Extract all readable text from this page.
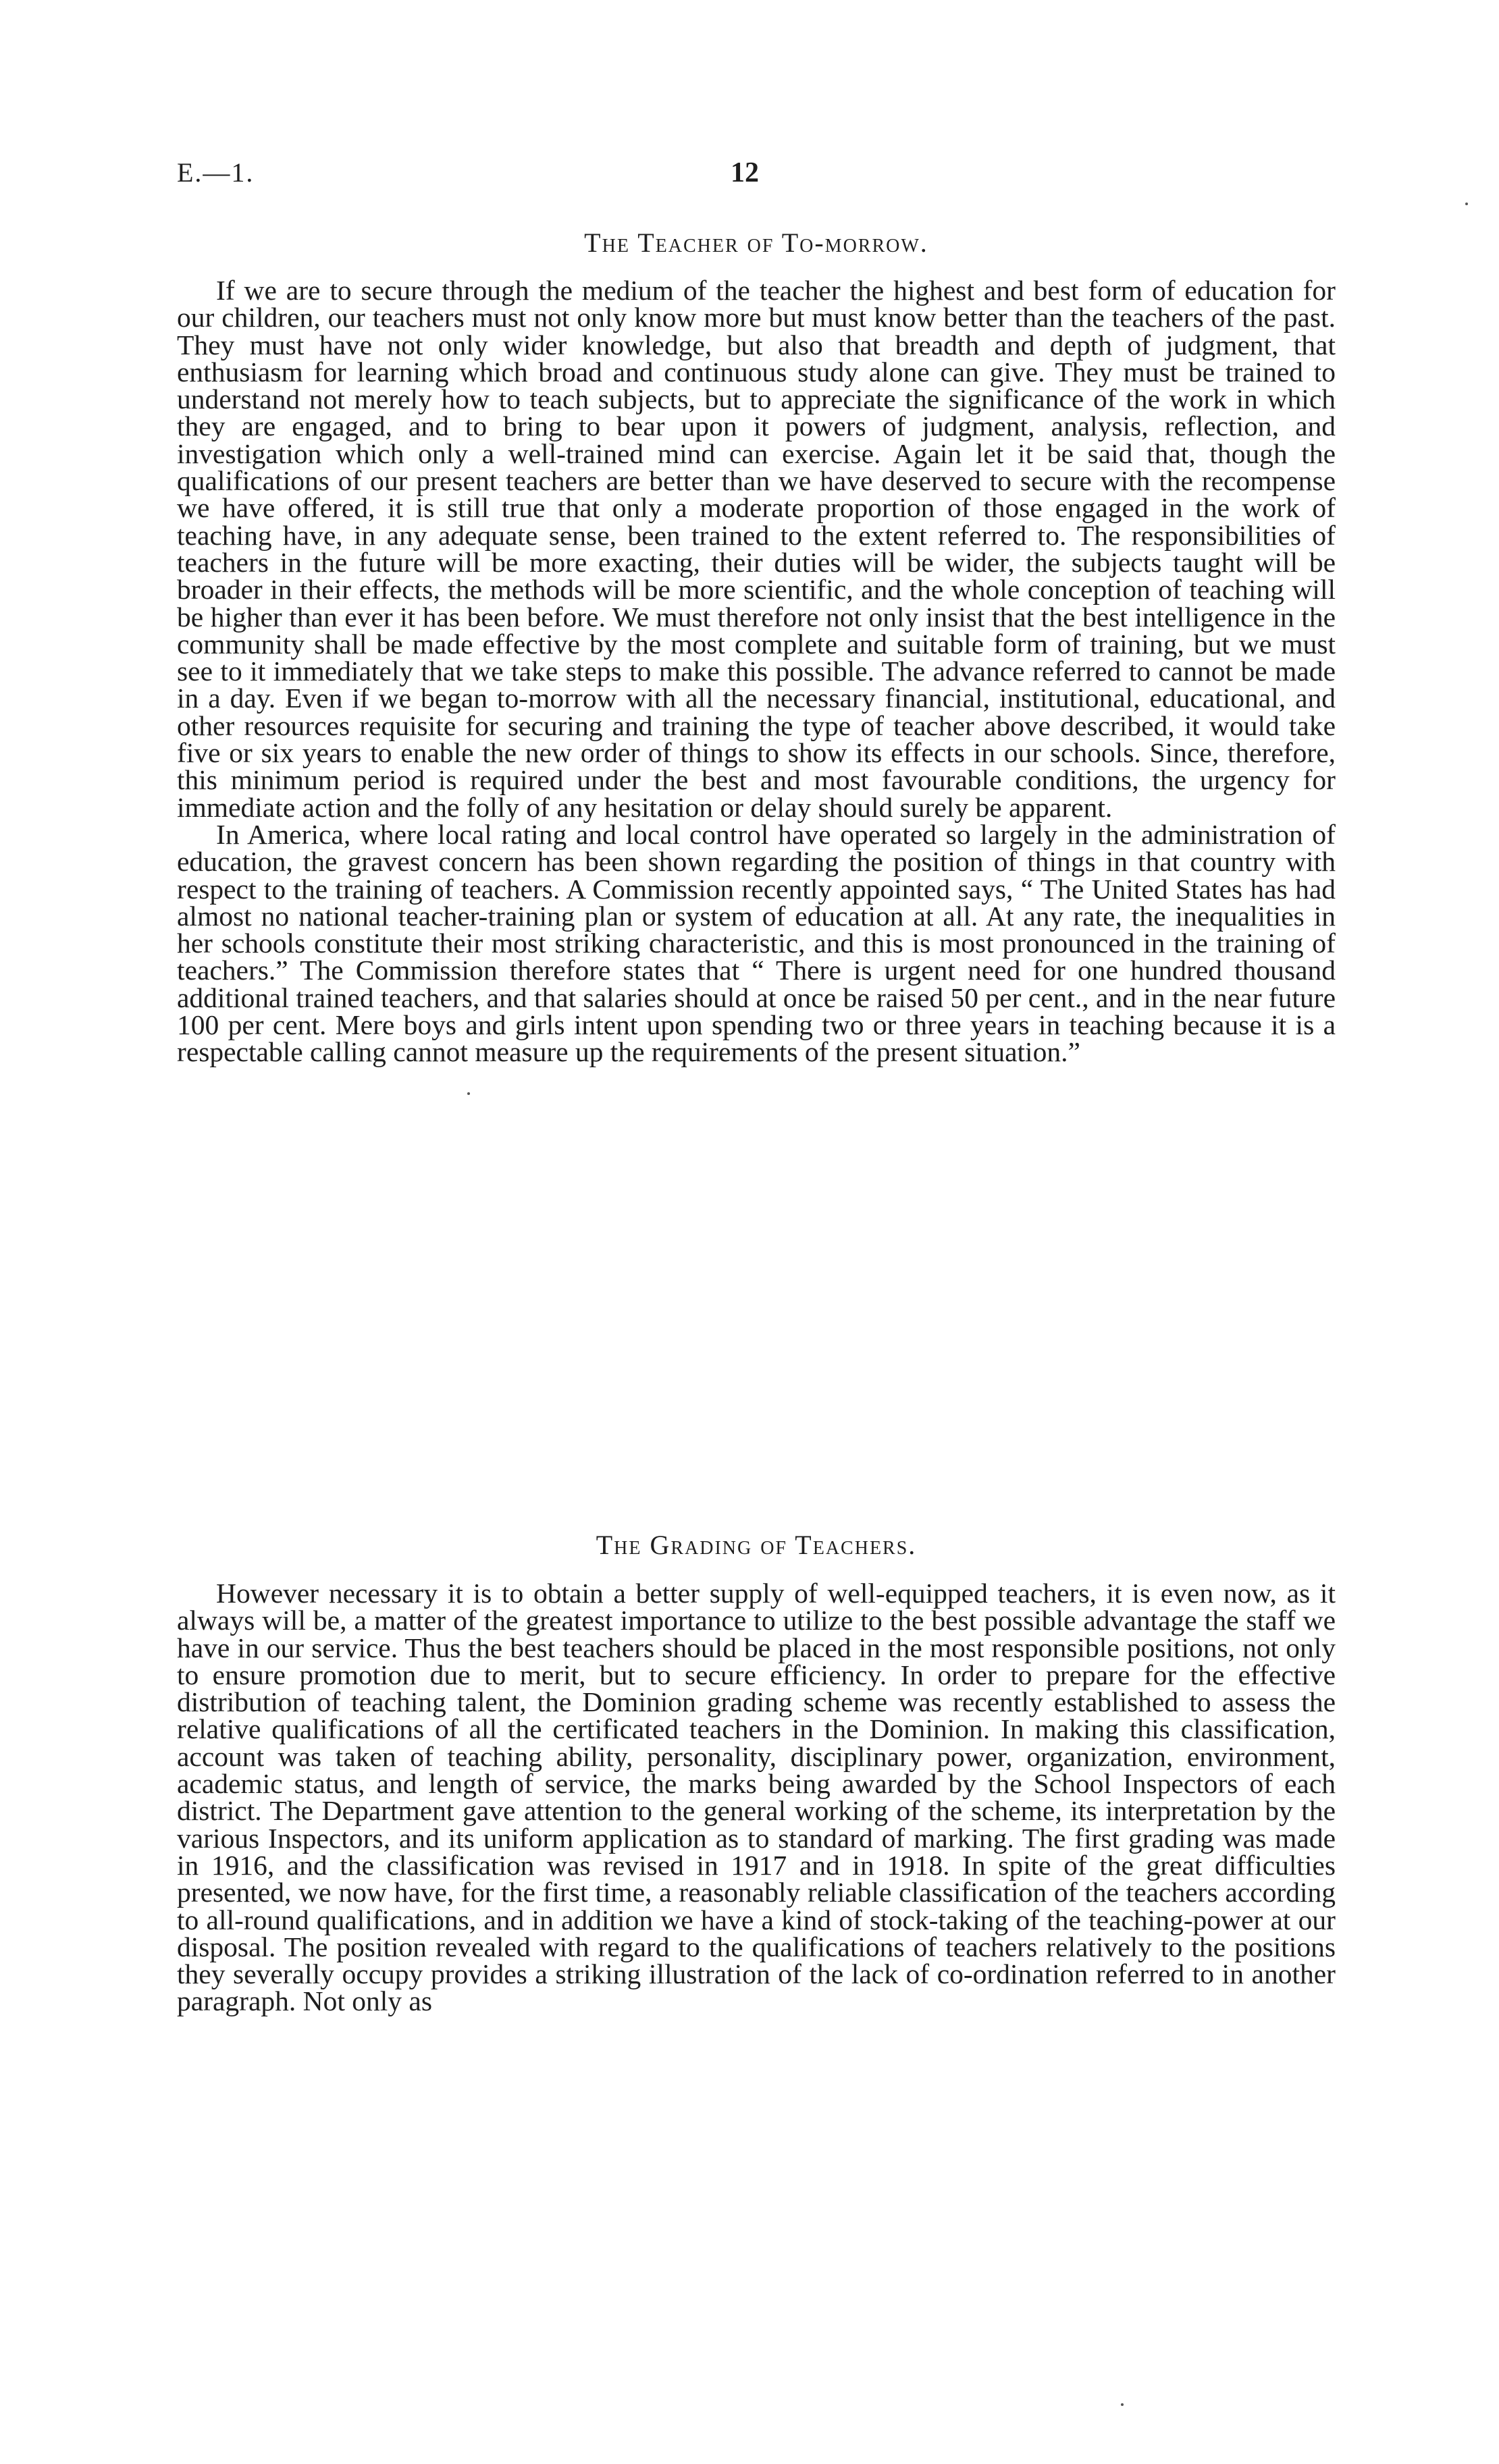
E.—1.	12
The Teacher of To-morrow.

If we are to secure through the medium of the teacher the highest and best form of education for our children, our teachers must not only know more but must know better than the teachers of the past. They must have not only wider knowledge, but also that breadth and depth of judgment, that enthusiasm for learning which broad and continuous study alone can give. They must be trained to understand not merely how to teach subjects, but to appreciate the significance of the work in which they are engaged, and to bring to bear upon it powers of judgment, analysis, reflection, and investigation which only a well-trained mind can exercise. Again let it be said that, though the qualifications of our present teachers are better than we have deserved to secure with the recompense we have offered, it is still true that only a moderate proportion of those engaged in the work of teaching have, in any adequate sense, been trained to the extent referred to. The responsibilities of teachers in the future will be more exacting, their duties will be wider, the subjects taught will be broader in their effects, the methods will be more scientific, and the whole conception of teaching will be higher than ever it has been before. We must therefore not only insist that the best intelligence in the community shall be made effective by the most complete and suitable form of training, but we must see to it immediately that we take steps to make this possible. The advance referred to cannot be made in a day. Even if we began to-morrow with all the necessary financial, institutional, educational, and other resources requisite for securing and training the type of teacher above described, it would take five or six years to enable the new order of things to show its effects in our schools. Since, therefore, this minimum period is required under the best and most favourable conditions, the urgency for immediate action and the folly of any hesitation or delay should surely be apparent.

In America, where local rating and local control have operated so largely in the administration of education, the gravest concern has been shown regarding the position of things in that country with respect to the training of teachers. A Commission recently appointed says, “ The United States has had almost no national teacher-training plan or system of education at all. At any rate, the inequalities in her schools constitute their most striking characteristic, and this is most pronounced in the training of teachers.” The Commission therefore states that “ There is urgent need for one hundred thousand additional trained teachers, and that salaries should at once be raised 50 per cent., and in the near future 100 per cent. Mere boys and girls intent upon spending two or three years in teaching because it is a respectable calling cannot measure up the requirements of the present situation.”

The Grading of Teachers.

However necessary it is to obtain a better supply of well-equipped teachers, it is even now, as it always will be, a matter of the greatest importance to utilize to the best possible advantage the staff we have in our service. Thus the best teachers should be placed in the most responsible positions, not only to ensure promotion due to merit, but to secure efficiency. In order to prepare for the effective distribution of teaching talent, the Dominion grading scheme was recently established to assess the relative qualifications of all the certificated teachers in the Dominion. In making this classification, account was taken of teaching ability, personality, disciplinary power, organization, environment, academic status, and length of service, the marks being awarded by the School Inspectors of each district. The Department gave attention to the general working of the scheme, its interpretation by the various Inspectors, and its uniform application as to standard of marking. The first grading was made in 1916, and the classification was revised in 1917 and in 1918. In spite of the great difficulties presented, we now have, for the first time, a reasonably reliable classification of the teachers according to all-round qualifications, and in addition we have a kind of stock-taking of the teaching-power at our disposal. The position revealed with regard to the qualifications of teachers relatively to the positions they severally occupy provides a striking illustration of the lack of co-ordination referred to in another paragraph. Not only as
